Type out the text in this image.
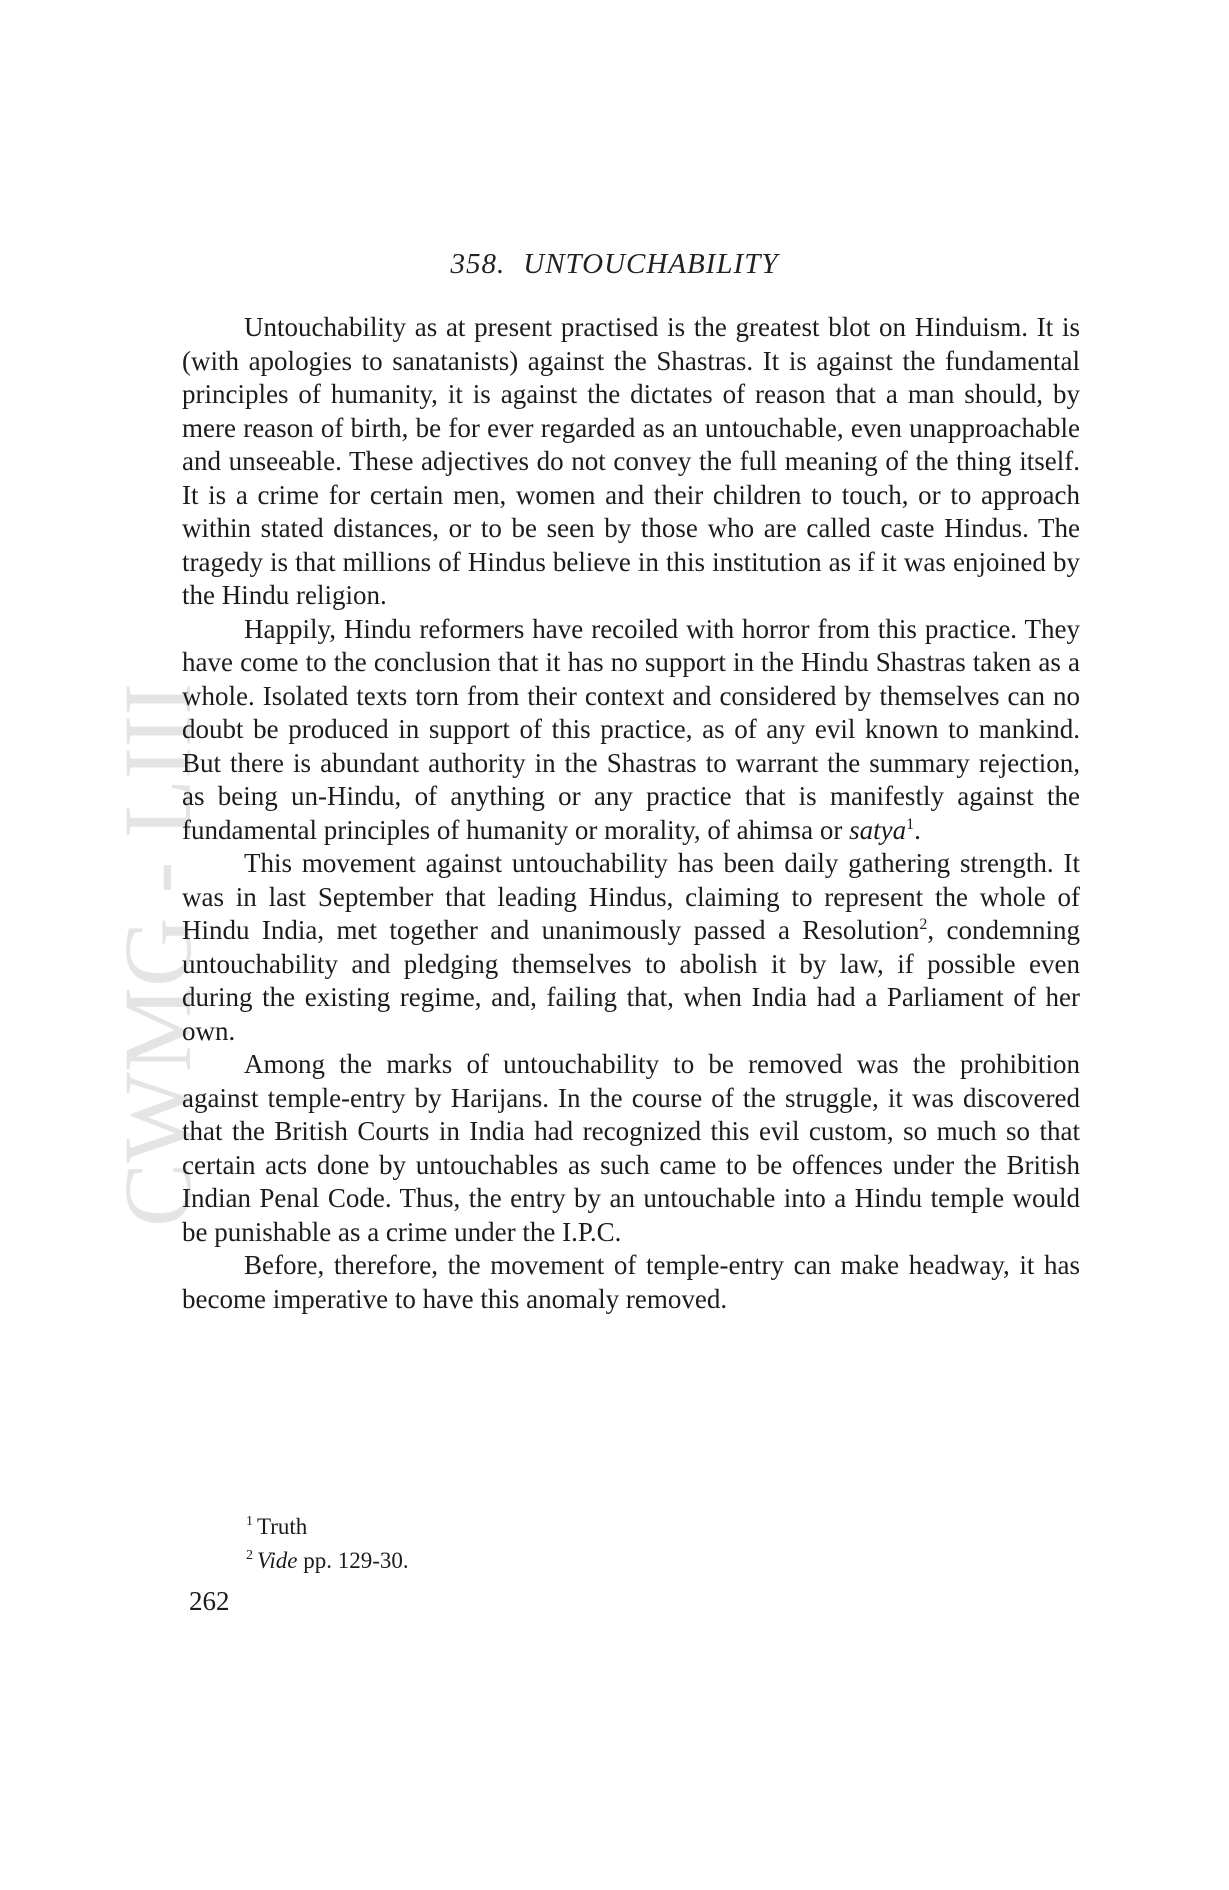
CWMG LIII
358. UNTOUCHABILITY

Untouchability as at present practised is the greatest blot on Hinduism. It is (with apologies to sanatanists) against the Shastras. It is against the fundamental principles of humanity, it is against the dictates of reason that a man should, by mere reason of birth, be for ever regarded as an untouchable, even unapproachable and unseeable. These adjectives do not convey the full meaning of the thing itself. It is a crime for certain men, women and their children to touch, or to approach within stated distances, or to be seen by those who are called caste Hindus. The tragedy is that millions of Hindus believe in this institution as if it was enjoined by the Hindu religion.

Happily, Hindu reformers have recoiled with horror from this practice. They have come to the conclusion that it has no support in the Hindu Shastras taken as a whole. Isolated texts torn from their context and considered by themselves can no doubt be produced in support of this practice, as of any evil known to mankind. But there is abundant authority in the Shastras to warrant the summary rejection, as being un-Hindu, of anything or any practice that is manifestly against the fundamental principles of humanity or morality, of ahimsa or satya$^1$.

This movement against untouchability has been daily gathering strength. It was in last September that leading Hindus, claiming to represent the whole of Hindu India, met together and unanimously passed a Resolution$^2$, condemning untouchability and pledging themselves to abolish it by law, if possible even during the existing regime, and, failing that, when India had a Parliament of her own.

Among the marks of untouchability to be removed was the prohibition against temple-entry by Harijans. In the course of the struggle, it was discovered that the British Courts in India had recognized this evil custom, so much so that certain acts done by untouchables as such came to be offences under the British Indian Penal Code. Thus, the entry by an untouchable into a Hindu temple would be punishable as a crime under the I.P.C.

Before, therefore, the movement of temple-entry can make headway, it has become imperative to have this anomaly removed.

$^1$ Truth
$^2$ Vide pp. 129-30.
262
